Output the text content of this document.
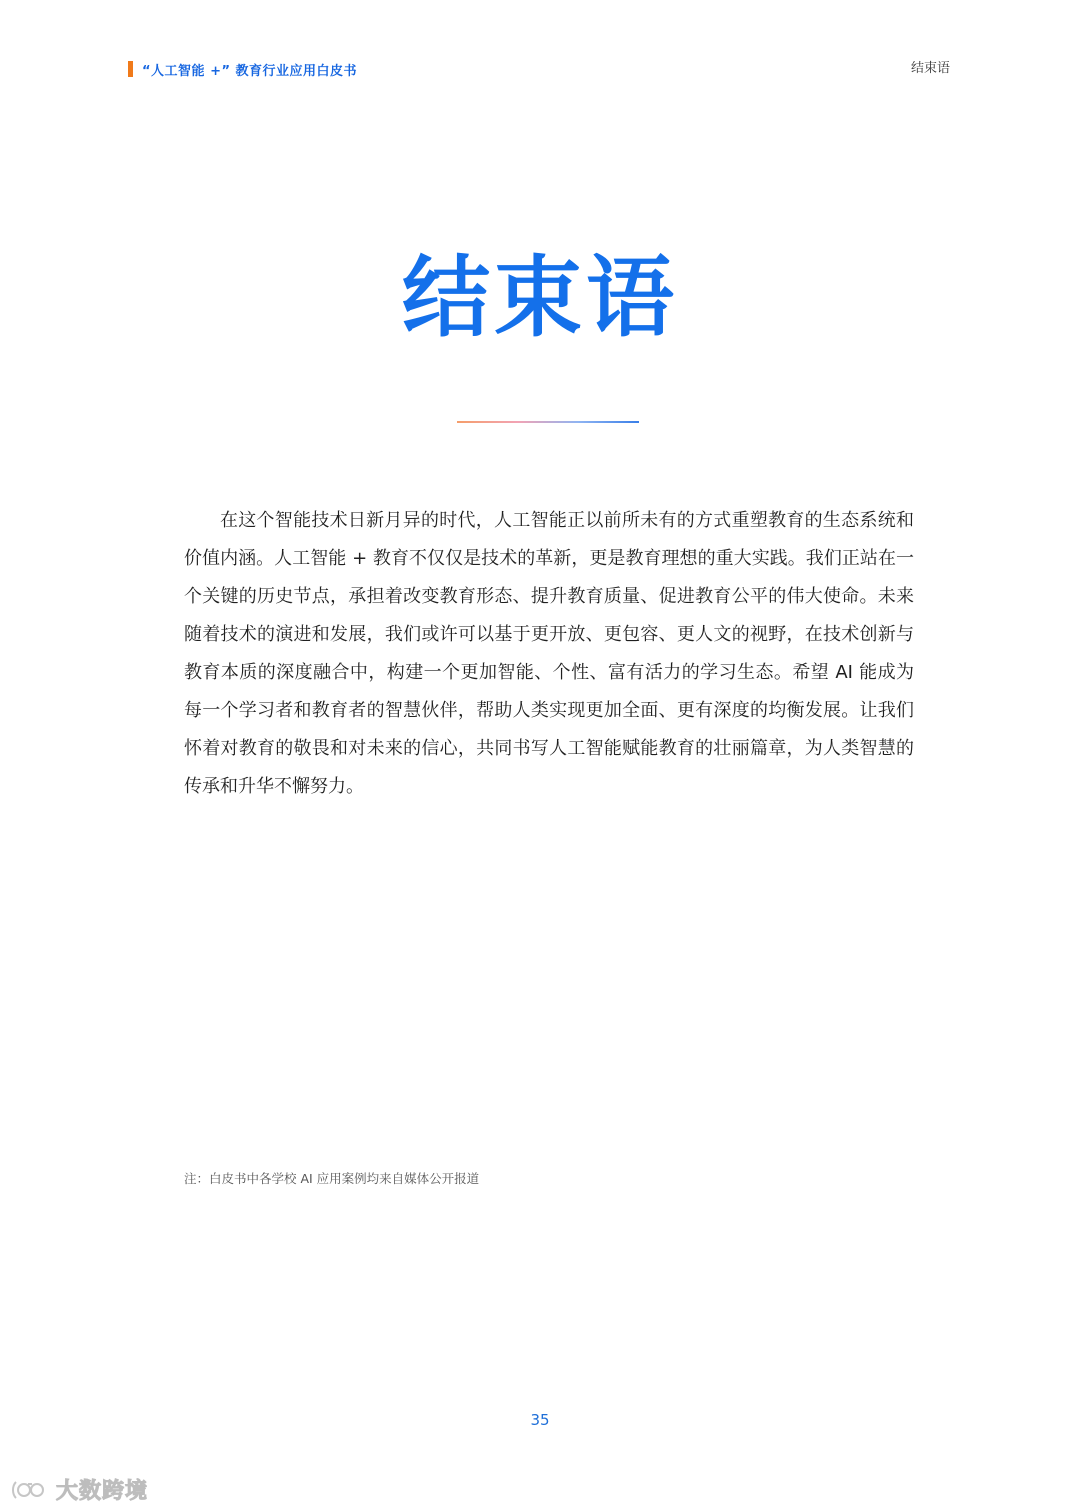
“人工智能 +” 教育行业应用白皮书	结束语
结束语

在这个智能技术日新月异的时代，人工智能正以前所未有的方式重塑教育的生态系统和价值内涵。人工智能 + 教育不仅仅是技术的革新，更是教育理想的重大实践。我们正站在一个关键的历史节点，承担着改变教育形态、提升教育质量、促进教育公平的伟大使命。未来随着技术的演进和发展，我们或许可以基于更开放、更包容、更人文的视野，在技术创新与教育本质的深度融合中，构建一个更加智能、个性、富有活力的学习生态。希望 AI 能成为每一个学习者和教育者的智慧伙伴，帮助人类实现更加全面、更有深度的均衡发展。让我们怀着对教育的敬畏和对未来的信心，共同书写人工智能赋能教育的壮丽篇章，为人类智慧的传承和升华不懈努力。

注：白皮书中各学校 AI 应用案例均来自媒体公开报道
35
大数跨境
